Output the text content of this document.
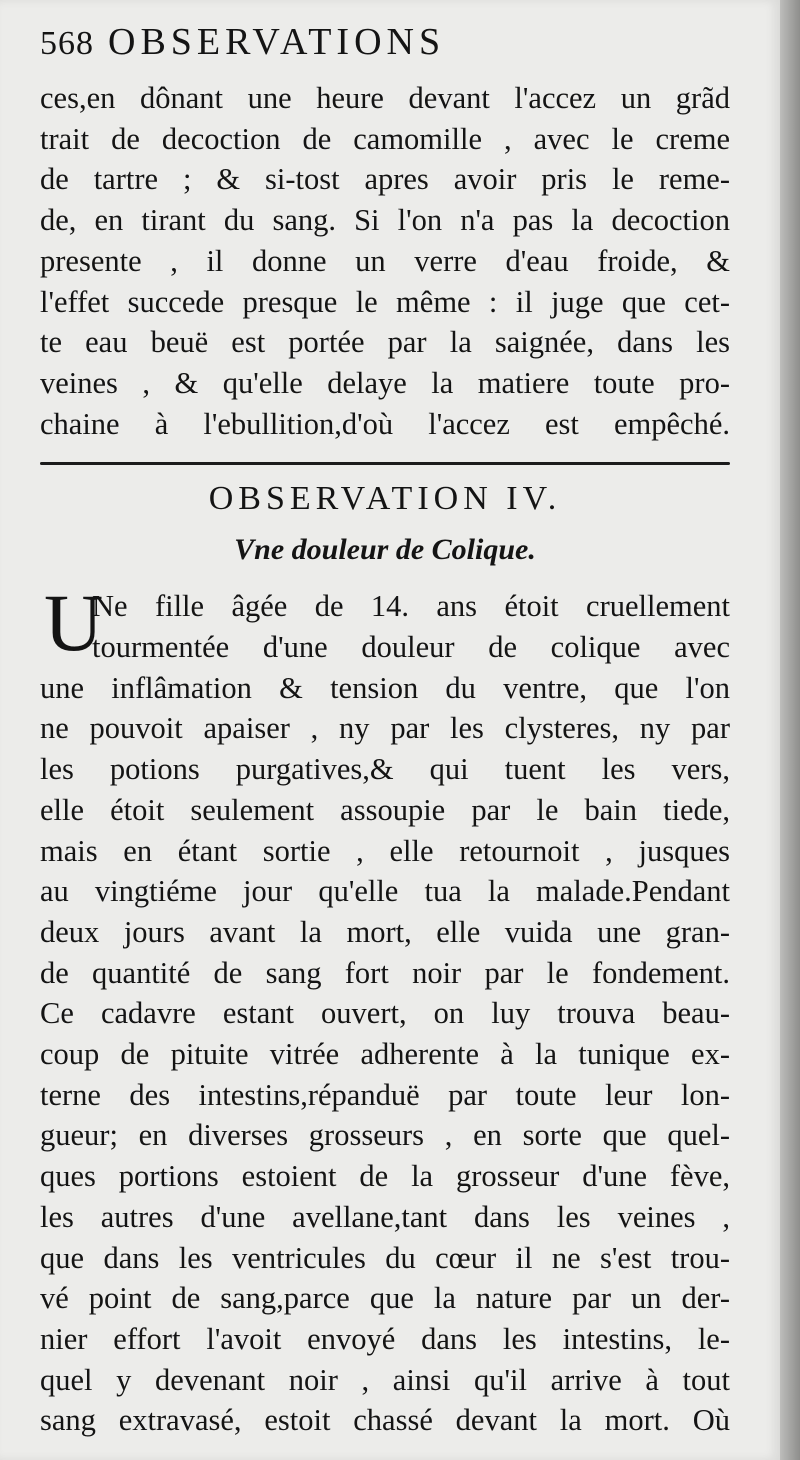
568 OBSERVATIONS
ces,en dônant une heure devant l'accez un grãd
trait de decoction de camomille , avec le creme
de tartre ; & si-tost apres avoir pris le reme-
de, en tirant du sang. Si l'on n'a pas la decoction
presente , il donne un verre d'eau froide, &
l'effet succede presque le même : il juge que cet-
te eau beuë est portée par la saignée, dans les
veines , & qu'elle delaye la matiere toute pro-
chaine à l'ebullition,d'où l'accez est empêché.
OBSERVATION IV.
Vne douleur de Colique.
U
Ne fille âgée de 14. ans étoit cruellement
tourmentée d'une douleur de colique avec
une inflâmation & tension du ventre, que l'on
ne pouvoit apaiser , ny par les clysteres, ny par
les potions purgatives,& qui tuent les vers,
elle étoit seulement assoupie par le bain tiede,
mais en étant sortie , elle retournoit , jusques
au vingtiéme jour qu'elle tua la malade.Pendant
deux jours avant la mort, elle vuida une gran-
de quantité de sang fort noir par le fondement.
Ce cadavre estant ouvert, on luy trouva beau-
coup de pituite vitrée adherente à la tunique ex-
terne des intestins,répanduë par toute leur lon-
gueur; en diverses grosseurs , en sorte que quel-
ques portions estoient de la grosseur d'une fève,
les autres d'une avellane,tant dans les veines ,
que dans les ventricules du cœur il ne s'est trou-
vé point de sang,parce que la nature par un der-
nier effort l'avoit envoyé dans les intestins, le-
quel y devenant noir , ainsi qu'il arrive à tout
sang extravasé, estoit chassé devant la mort. Où
